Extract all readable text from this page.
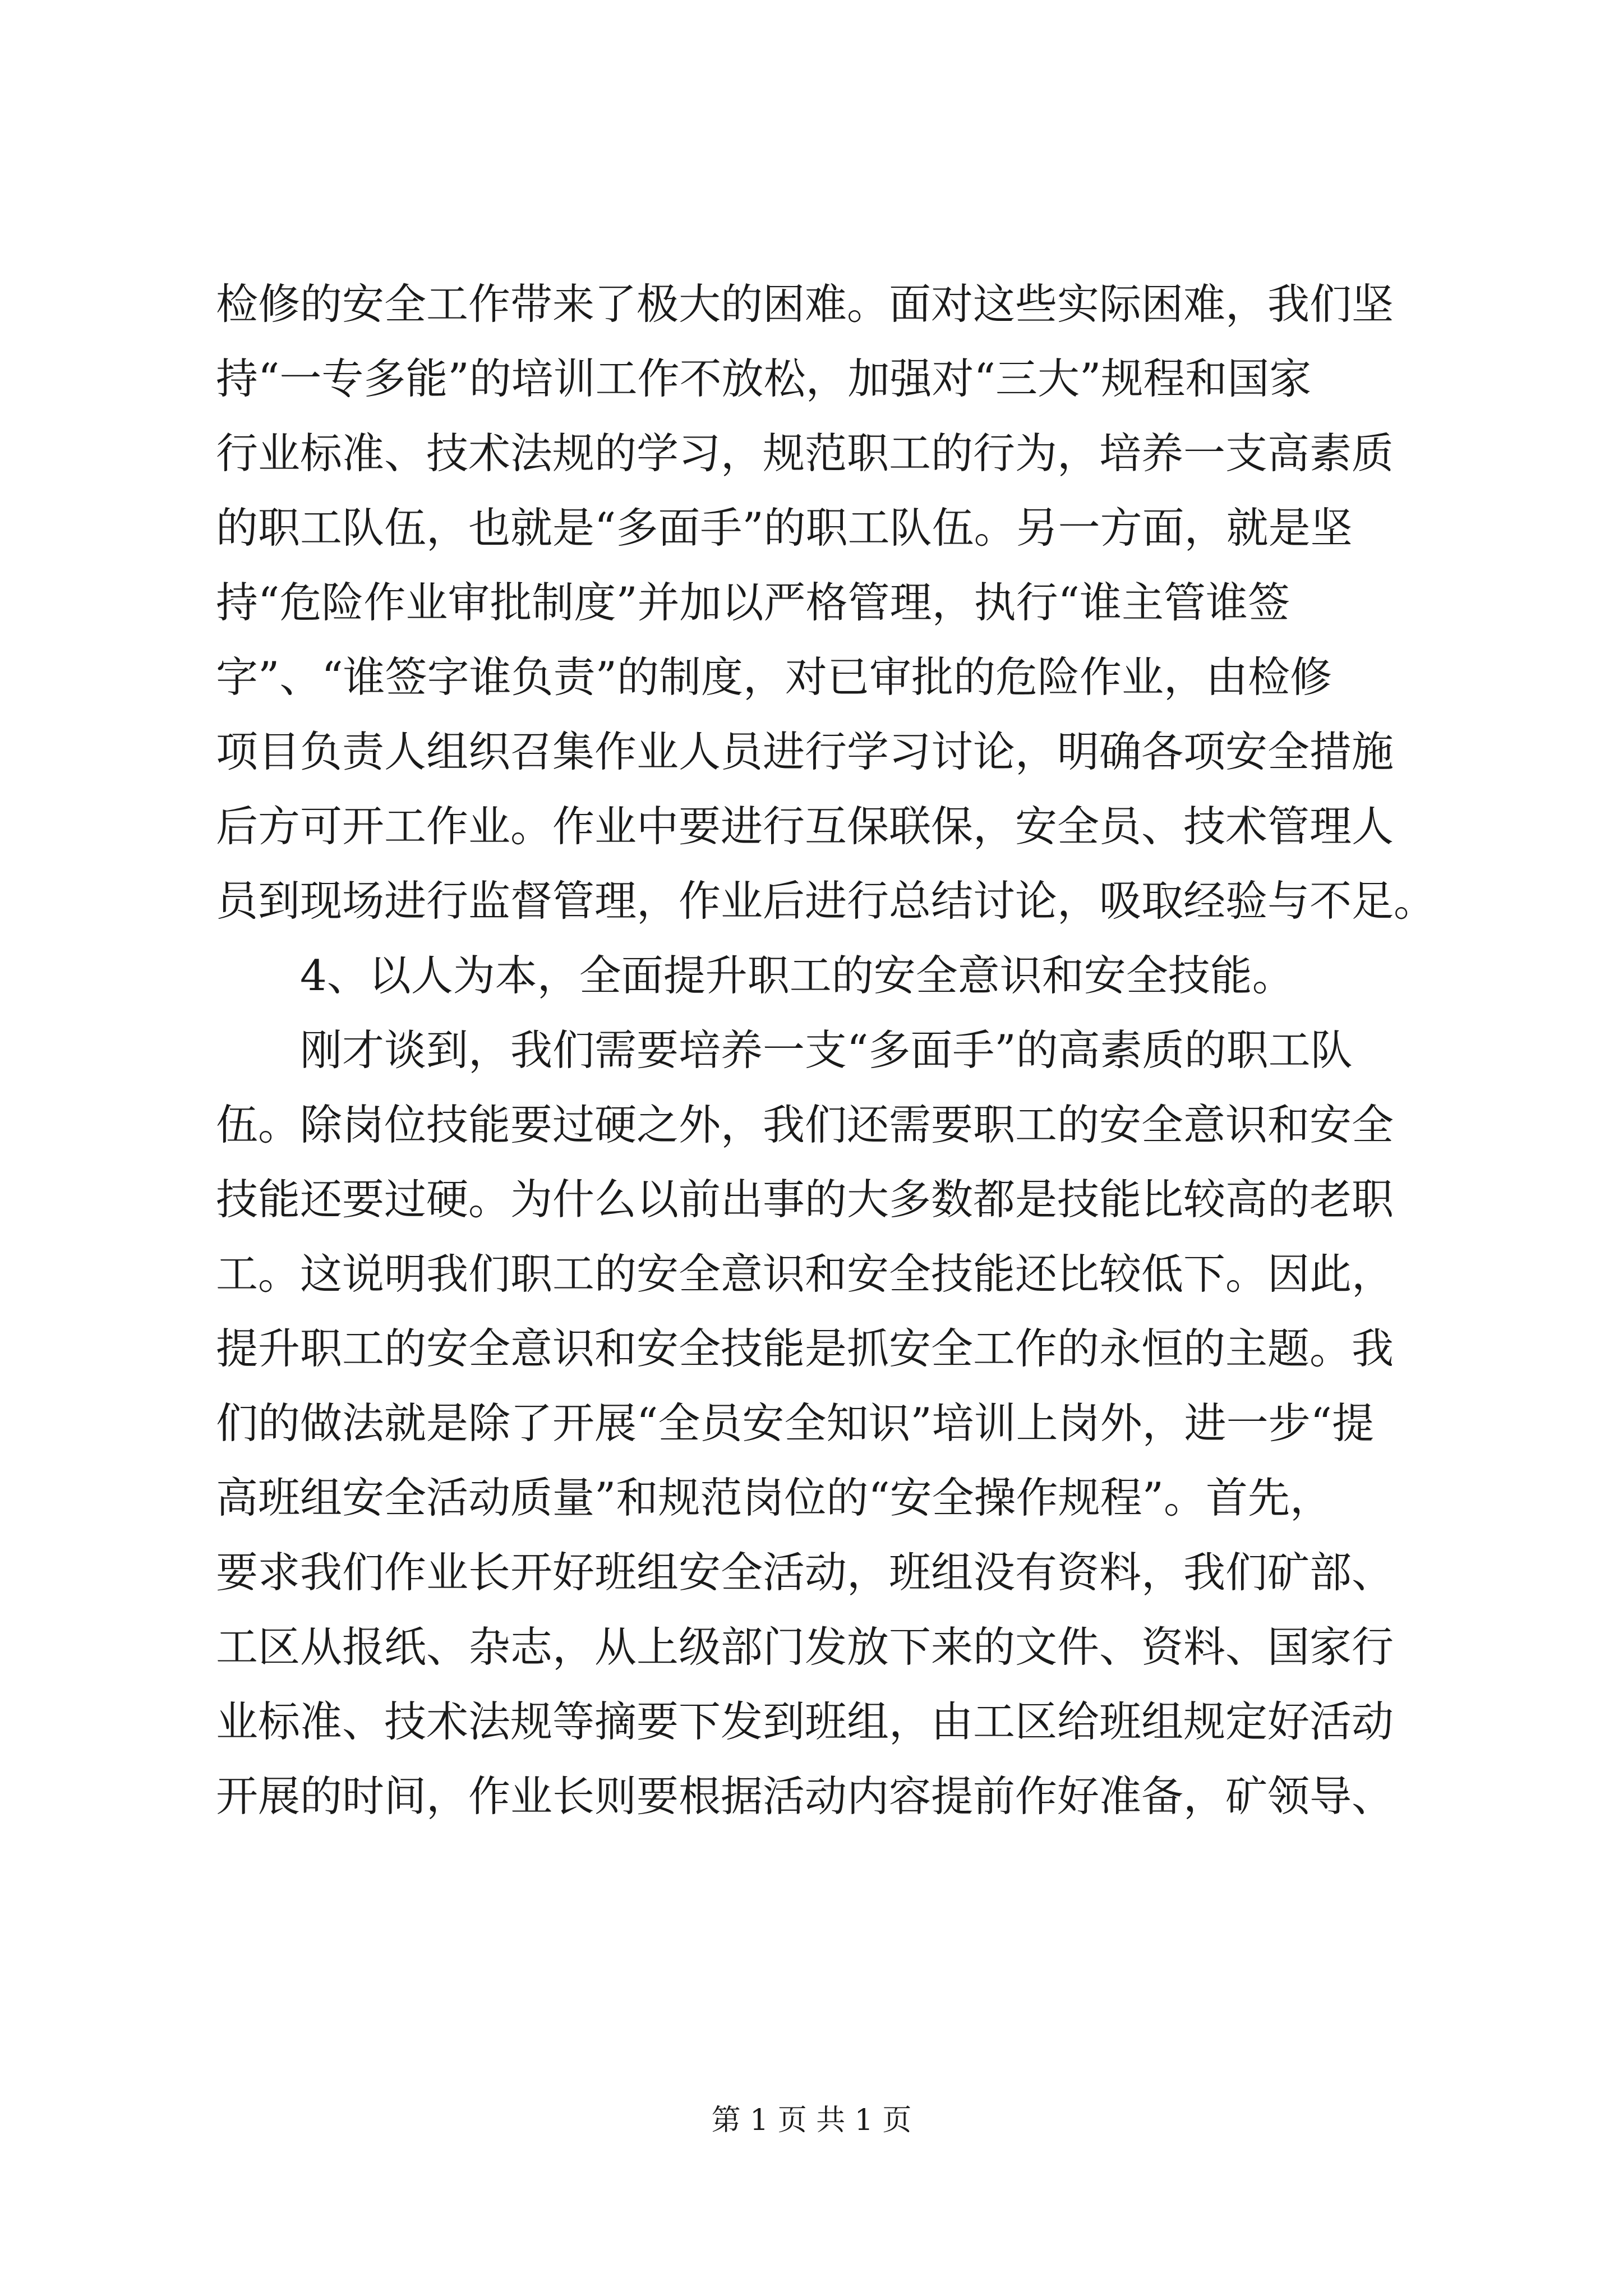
检修的安全工作带来了极大的困难。面对这些实际困难，我们坚
持“一专多能”的培训工作不放松，加强对“三大”规程和国家
行业标准、技术法规的学习，规范职工的行为，培养一支高素质
的职工队伍，也就是“多面手”的职工队伍。另一方面，就是坚
持“危险作业审批制度”并加以严格管理，执行“谁主管谁签
字”、“谁签字谁负责”的制度，对已审批的危险作业，由检修
项目负责人组织召集作业人员进行学习讨论，明确各项安全措施
后方可开工作业。作业中要进行互保联保，安全员、技术管理人
员到现场进行监督管理，作业后进行总结讨论，吸取经验与不足。
4、以人为本，全面提升职工的安全意识和安全技能。
刚才谈到，我们需要培养一支“多面手”的高素质的职工队
伍。除岗位技能要过硬之外，我们还需要职工的安全意识和安全
技能还要过硬。为什么以前出事的大多数都是技能比较高的老职
工。这说明我们职工的安全意识和安全技能还比较低下。因此，
提升职工的安全意识和安全技能是抓安全工作的永恒的主题。我
们的做法就是除了开展“全员安全知识”培训上岗外，进一步“提
高班组安全活动质量”和规范岗位的“安全操作规程”。首先，
要求我们作业长开好班组安全活动，班组没有资料，我们矿部、
工区从报纸、杂志，从上级部门发放下来的文件、资料、国家行
业标准、技术法规等摘要下发到班组，由工区给班组规定好活动
开展的时间，作业长则要根据活动内容提前作好准备，矿领导、
第 1 页 共 1 页
